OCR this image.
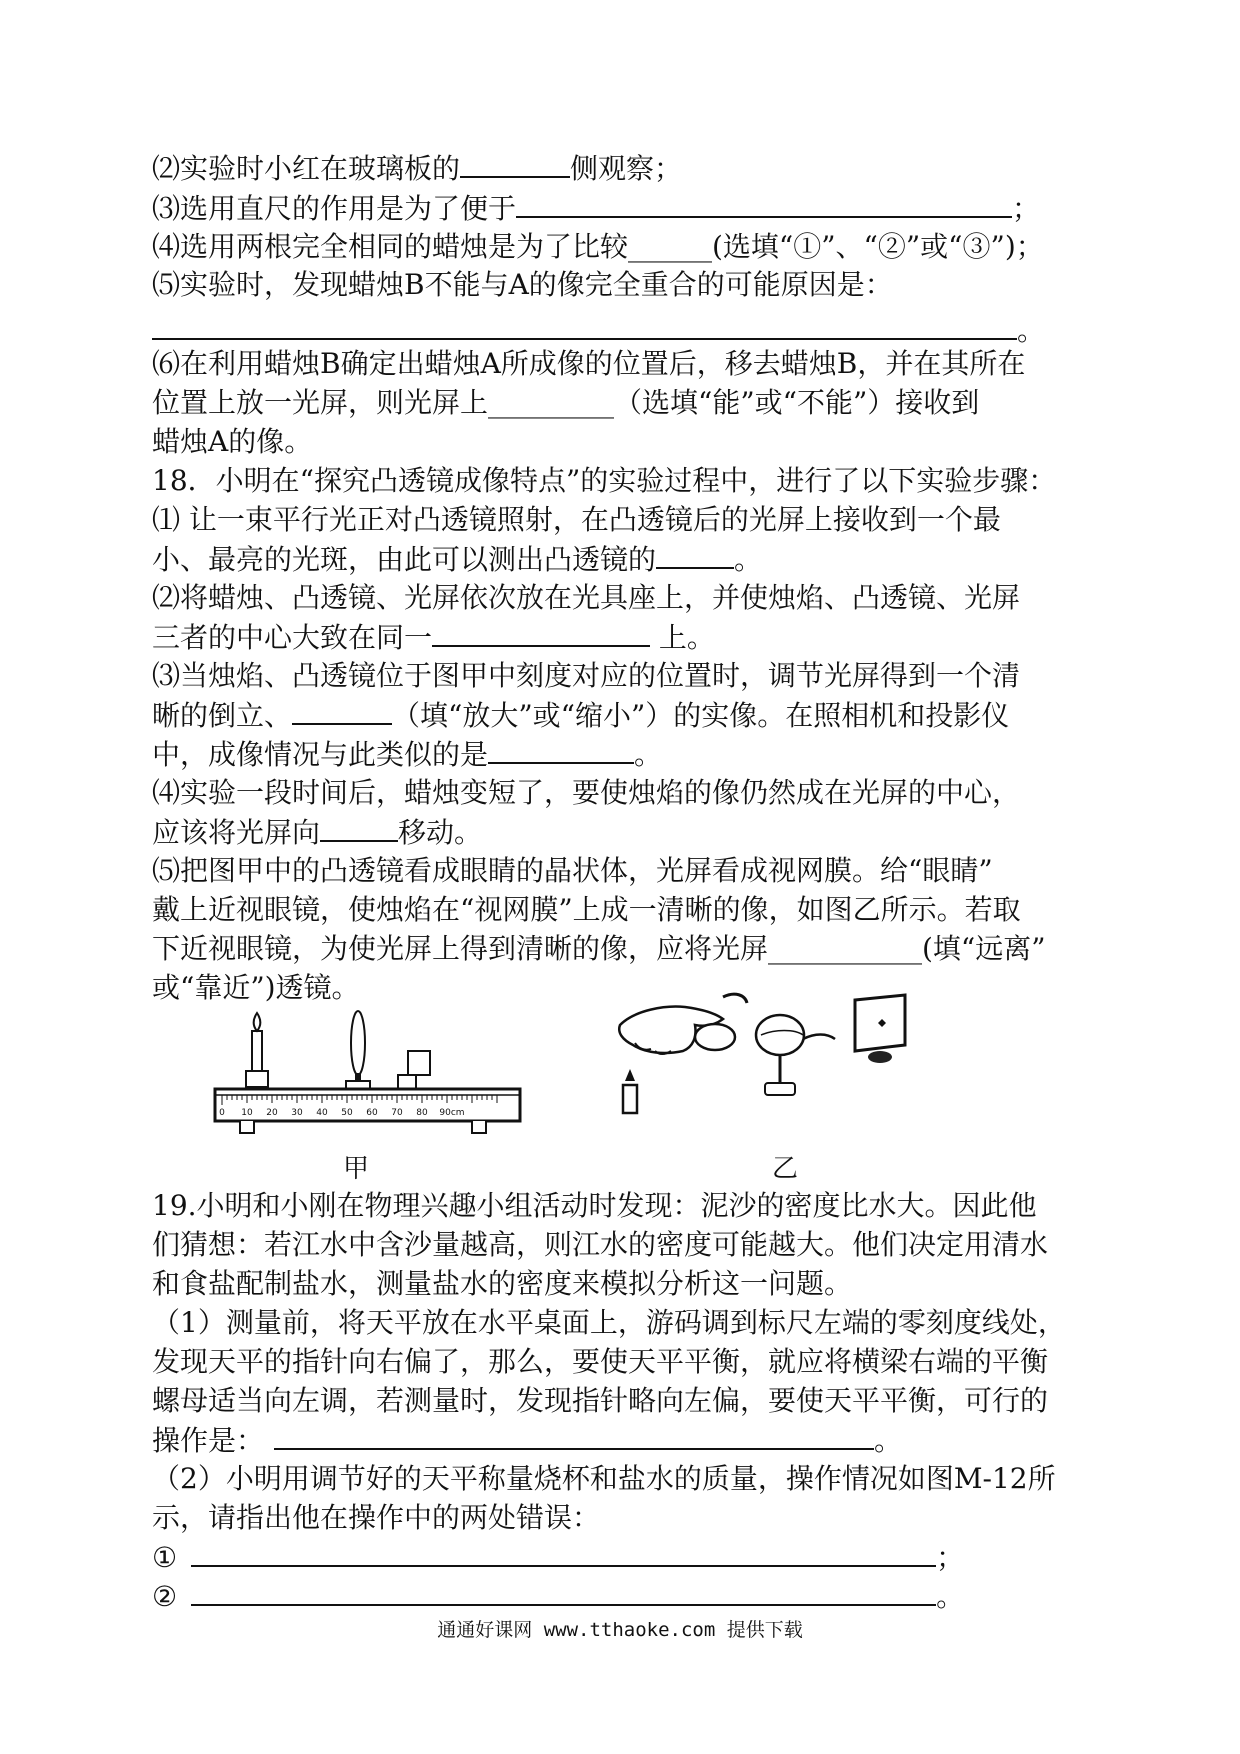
⑵实验时小红在玻璃板的	侧观察；
⑶选用直尺的作用是为了便于	；
⑷选用两根完全相同的蜡烛是为了比较______(选填“①”、“②”或“③”)；
⑸实验时，发现蜡烛B不能与A的像完全重合的可能原因是：
。
⑹在利用蜡烛B确定出蜡烛A所成像的位置后，移去蜡烛B，并在其所在
位置上放一光屏，则光屏上_________（选填“能”或“不能”）接收到
蜡烛A的像。
18．小明在“探究凸透镜成像特点”的实验过程中，进行了以下实验步骤：
⑴ 让一束平行光正对凸透镜照射，在凸透镜后的光屏上接收到一个最
小、最亮的光斑，由此可以测出凸透镜的	。
⑵将蜡烛、凸透镜、光屏依次放在光具座上，并使烛焰、凸透镜、光屏
三者的中心大致在同一	上。
⑶当烛焰、凸透镜位于图甲中刻度对应的位置时，调节光屏得到一个清
晰的倒立、	（填“放大”或“缩小”）的实像。在照相机和投影仪
中，成像情况与此类似的是	。
⑷实验一段时间后，蜡烛变短了，要使烛焰的像仍然成在光屏的中心，
应该将光屏向	移动。
⑸把图甲中的凸透镜看成眼睛的晶状体，光屏看成视网膜。给“眼睛”
戴上近视眼镜，使烛焰在“视网膜”上成一清晰的像，如图乙所示。若取
下近视眼镜，为使光屏上得到清晰的像，应将光屏___________(填“远离”
或“靠近”)透镜。
0 10 20 30 40 50 60 70 80 90cm
甲	乙
19.小明和小刚在物理兴趣小组活动时发现：泥沙的密度比水大。因此他
们猜想：若江水中含沙量越高，则江水的密度可能越大。他们决定用清水
和食盐配制盐水，测量盐水的密度来模拟分析这一问题。
（1）测量前，将天平放在水平桌面上，游码调到标尺左端的零刻度线处，
发现天平的指针向右偏了，那么，要使天平平衡，就应将横梁右端的平衡
螺母适当向左调，若测量时，发现指针略向左偏，要使天平平衡，可行的
操作是：	。
（2）小明用调节好的天平称量烧杯和盐水的质量，操作情况如图M-12所
示，请指出他在操作中的两处错误：
①	；
②	。
通通好课网 www.tthaoke.com 提供下载
